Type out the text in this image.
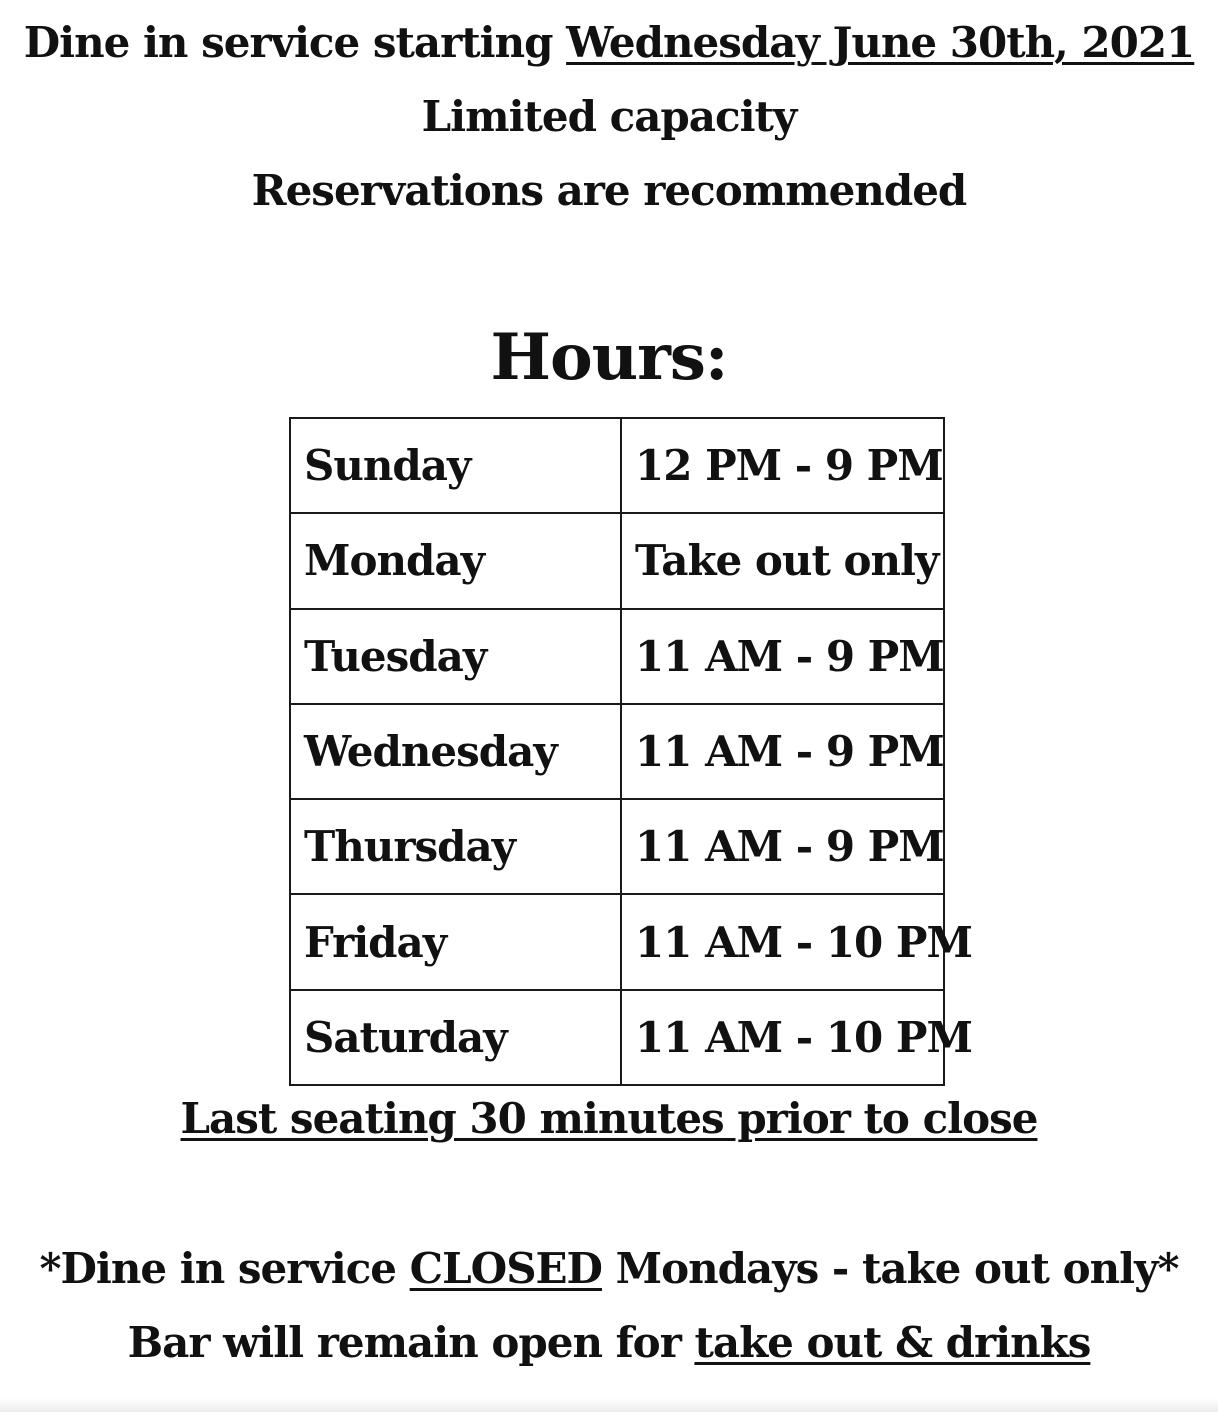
Dine in service starting Wednesday June 30th, 2021
Limited capacity
Reservations are recommended
Hours:
Sunday	12 PM - 9 PM
Monday	Take out only
Tuesday	11 AM - 9 PM
Wednesday	11 AM - 9 PM
Thursday	11 AM - 9 PM
Friday	11 AM - 10 PM
Saturday	11 AM - 10 PM
Last seating 30 minutes prior to close
*Dine in service CLOSED Mondays - take out only*
Bar will remain open for take out & drinks
